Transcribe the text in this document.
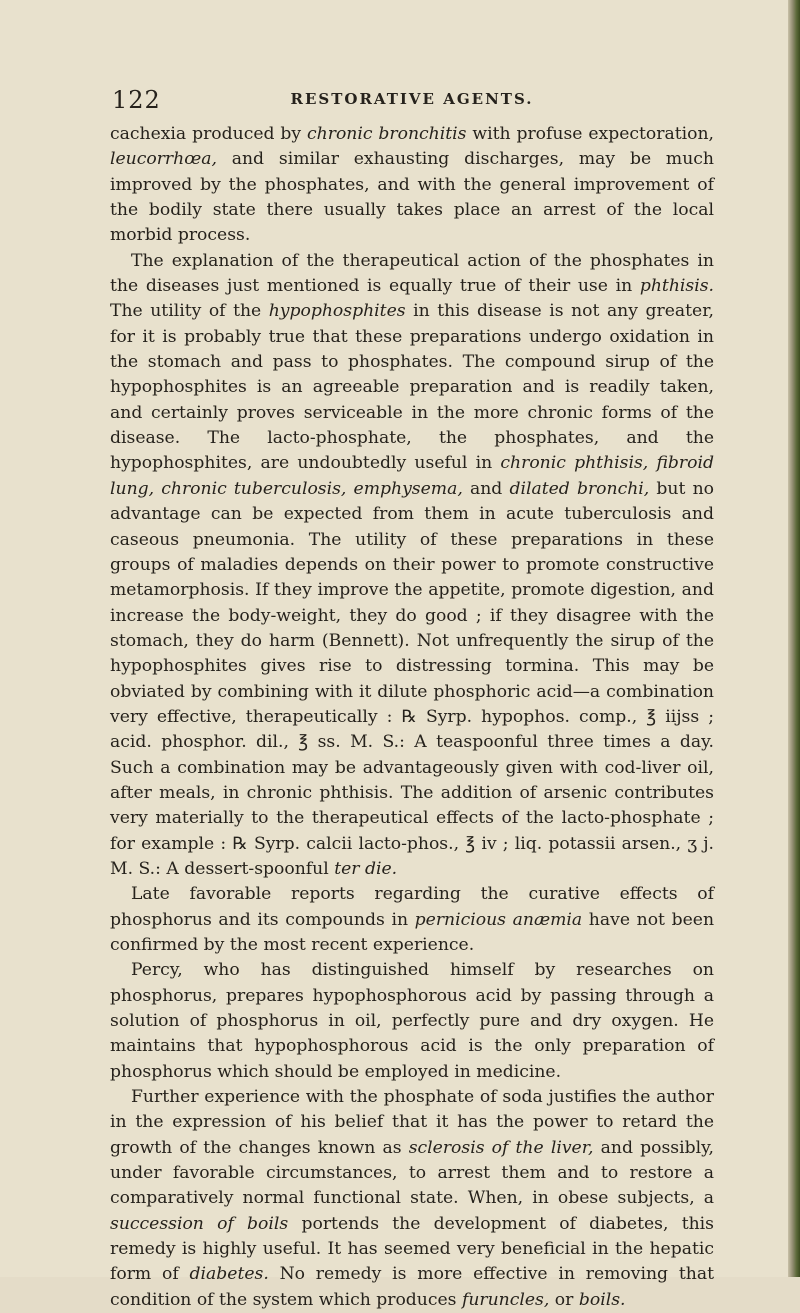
122	RESTORATIVE AGENTS.

cachexia produced by chronic bronchitis with profuse expectoration, leucorrhœa, and similar exhausting discharges, may be much improved by the phosphates, and with the general improvement of the bodily state there usually takes place an arrest of the local morbid process.

The explanation of the therapeutical action of the phosphates in the diseases just mentioned is equally true of their use in phthisis. The utility of the hypophosphites in this disease is not any greater, for it is probably true that these preparations undergo oxidation in the stomach and pass to phosphates. The compound sirup of the hypophosphites is an agreeable preparation and is readily taken, and certainly proves serviceable in the more chronic forms of the disease. The lacto-phosphate, the phosphates, and the hypophosphites, are undoubtedly useful in chronic phthisis, fibroid lung, chronic tuberculosis, emphysema, and dilated bronchi, but no advantage can be expected from them in acute tuberculosis and caseous pneumonia. The utility of these preparations in these groups of maladies depends on their power to promote constructive metamorphosis. If they improve the appetite, promote digestion, and increase the body-weight, they do good ; if they disagree with the stomach, they do harm (Bennett). Not unfrequently the sirup of the hypophosphites gives rise to distressing tormina. This may be obviated by combining with it dilute phosphoric acid—a combination very effective, therapeutically : ℞ Syrp. hypophos. comp., ℥ iijss ; acid. phosphor. dil., ℥ ss. M. S.: A teaspoonful three times a day. Such a combination may be advantageously given with cod-liver oil, after meals, in chronic phthisis. The addition of arsenic contributes very materially to the therapeutical effects of the lacto-phosphate ; for example : ℞ Syrp. calcii lacto-phos., ℥ iv ; liq. potassii arsen., ʒ j. M. S.: A dessert-spoonful ter die.

Late favorable reports regarding the curative effects of phosphorus and its compounds in pernicious anæmia have not been confirmed by the most recent experience.

Percy, who has distinguished himself by researches on phosphorus, prepares hypophosphorous acid by passing through a solution of phosphorus in oil, perfectly pure and dry oxygen. He maintains that hypophosphorous acid is the only preparation of phosphorus which should be employed in medicine.

Further experience with the phosphate of soda justifies the author in the expression of his belief that it has the power to retard the growth of the changes known as sclerosis of the liver, and possibly, under favorable circumstances, to arrest them and to restore a comparatively normal functional state. When, in obese subjects, a succession of boils portends the development of diabetes, this remedy is highly useful. It has seemed very beneficial in the hepatic form of diabetes. No remedy is more effective in removing that condition of the system which produces furuncles, or boils.
